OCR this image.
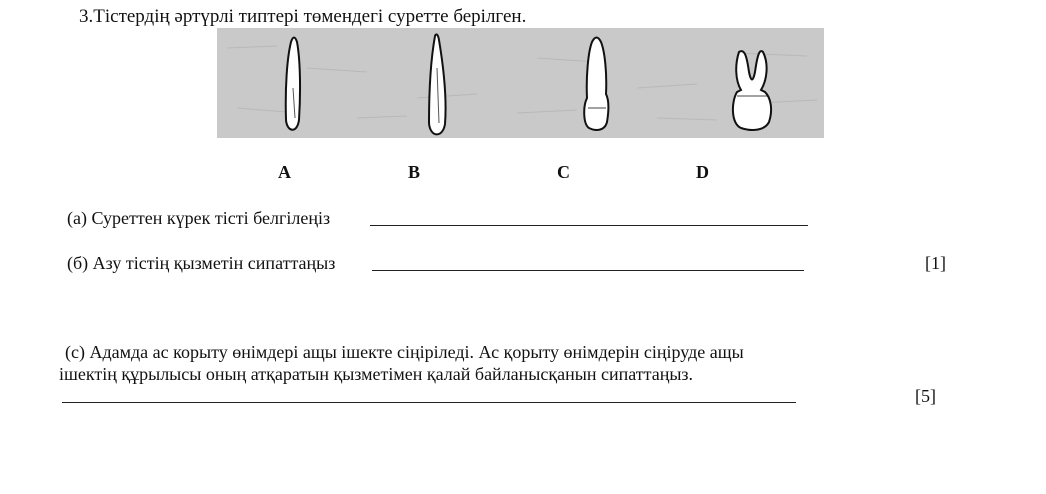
3.Тістердің әртүрлі типтері төмендегі суретте берілген.
A	B	C	D
(а) Суреттен күрек тісті белгілеңіз
(б) Азу тістің қызметін сипаттаңыз	[1]
(с) Адамда ас корыту өнімдері ащы ішекте сіңіріледі. Ас қорыту өнімдерін сіңіруде ащы
ішектің құрылысы оның атқаратын қызметімен қалай байланысқанын сипаттаңыз.
[5]
